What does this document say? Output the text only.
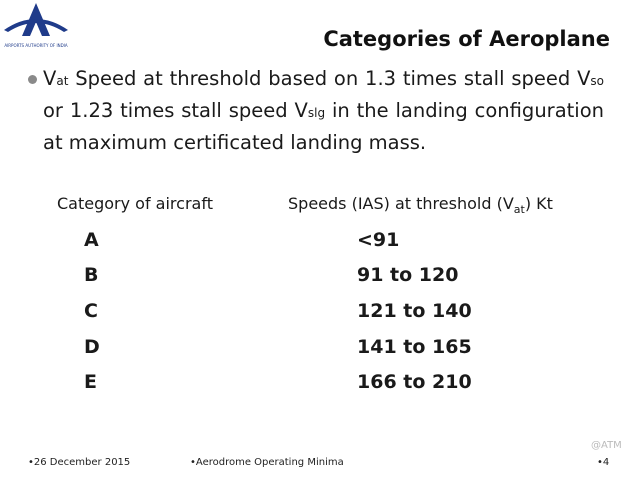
AIRPORTS AUTHORITY OF INDIA	Categories of Aeroplane
Vat Speed at threshold based on 1.3 times stall speed Vso or 1.23 times stall speed Vslg in the landing configuration at maximum certificated landing mass.
Category of aircraft	Speeds (IAS) at threshold $(V_{at})$ Kt
A	<91
B	91 to 120
C	121 to 140
D	141 to 165
E	166 to 210
@ATM
•26 December 2015	•Aerodrome Operating Minima	•4
